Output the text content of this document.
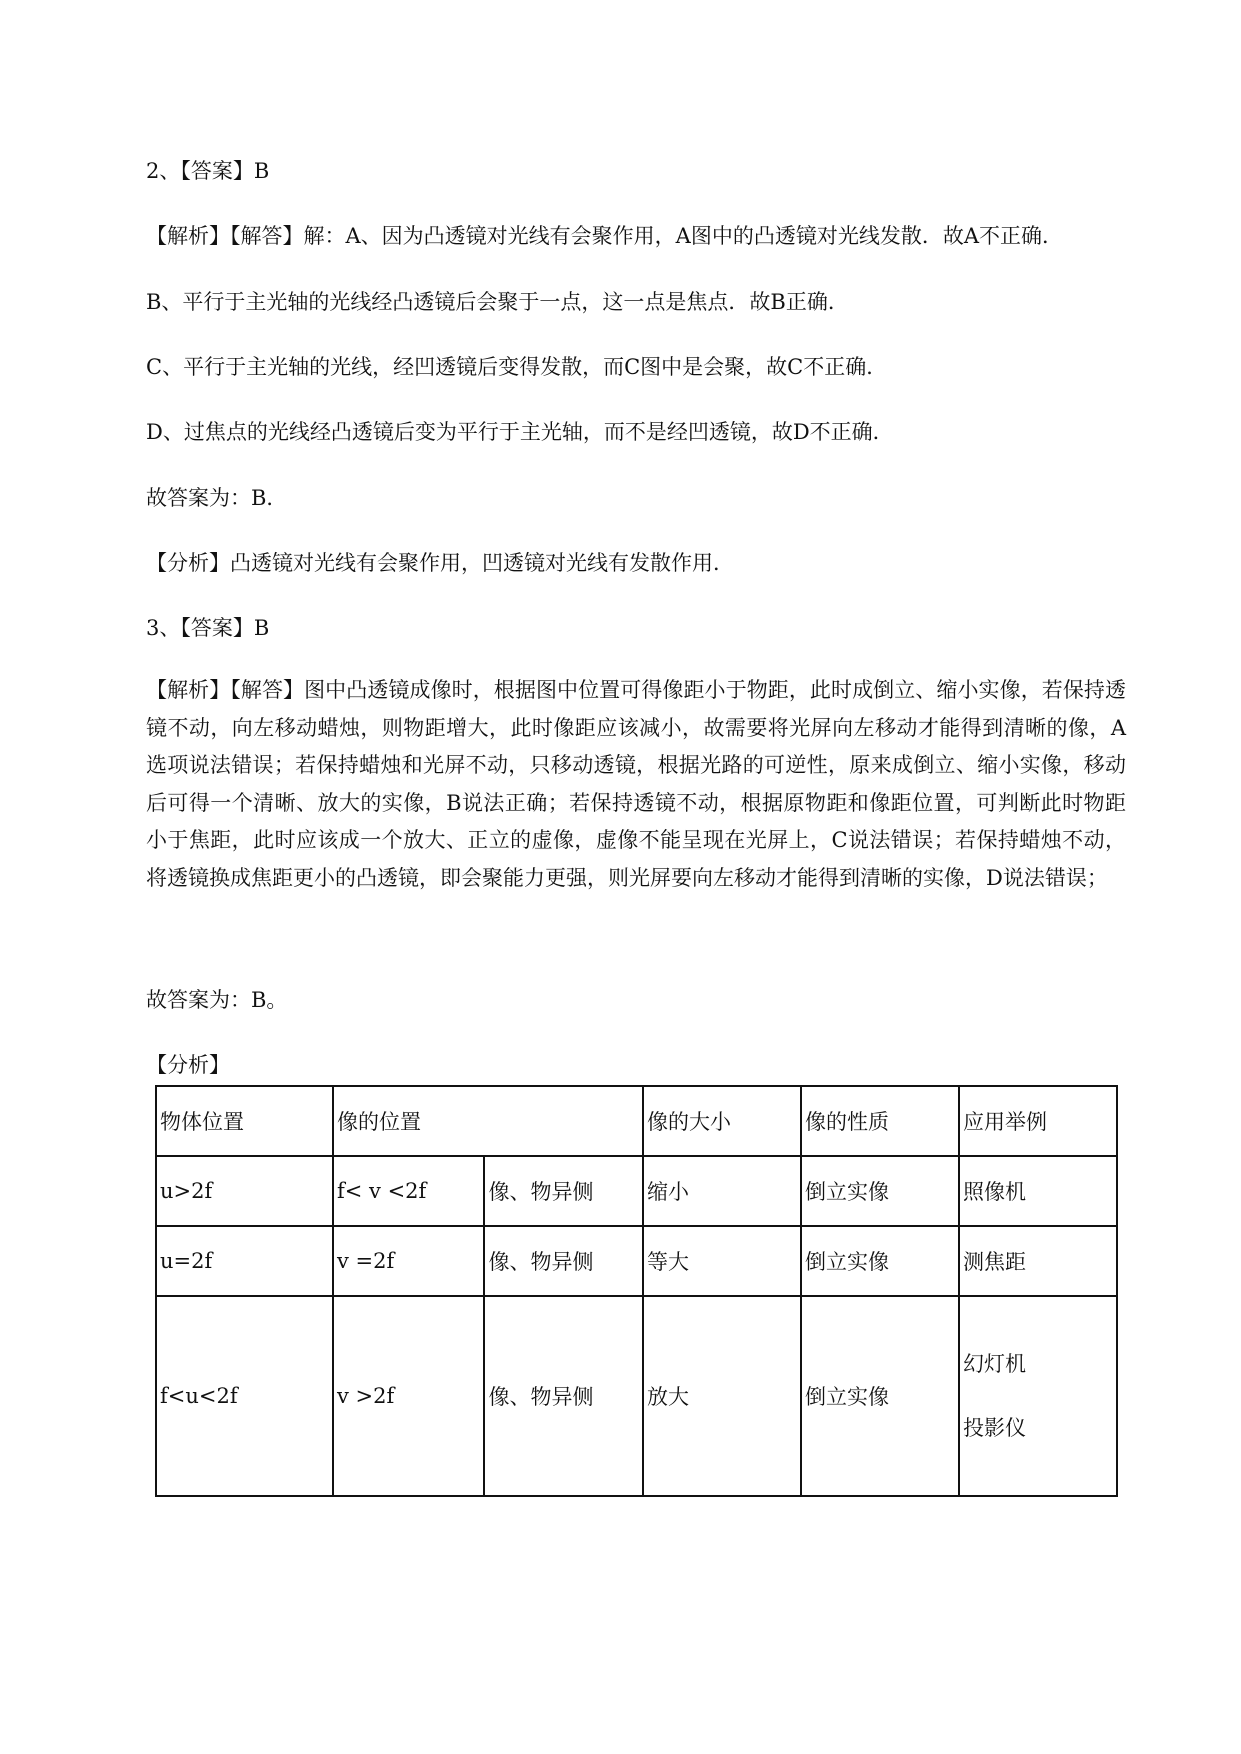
2、【答案】B

【解析】【解答】解：A、因为凸透镜对光线有会聚作用，A图中的凸透镜对光线发散．故A不正确．

B、平行于主光轴的光线经凸透镜后会聚于一点，这一点是焦点．故B正确．

C、平行于主光轴的光线，经凹透镜后变得发散，而C图中是会聚，故C不正确．

D、过焦点的光线经凸透镜后变为平行于主光轴，而不是经凹透镜，故D不正确．

故答案为：B．

【分析】凸透镜对光线有会聚作用，凹透镜对光线有发散作用．

3、【答案】B

【解析】【解答】图中凸透镜成像时，根据图中位置可得像距小于物距，此时成倒立、缩小实像，若保持透镜不动，向左移动蜡烛，则物距增大，此时像距应该减小，故需要将光屏向左移动才能得到清晰的像，A选项说法错误；若保持蜡烛和光屏不动，只移动透镜，根据光路的可逆性，原来成倒立、缩小实像，移动后可得一个清晰、放大的实像，B说法正确；若保持透镜不动，根据原物距和像距位置，可判断此时物距小于焦距，此时应该成一个放大、正立的虚像，虚像不能呈现在光屏上，C说法错误；若保持蜡烛不动，将透镜换成焦距更小的凸透镜，即会聚能力更强，则光屏要向左移动才能得到清晰的实像，D说法错误；

故答案为：B。

【分析】

物体位置	像的位置		像的大小	像的性质	应用举例
u>2f	f< v <2f	像、物异侧	缩小	倒立实像	照像机
u=2f	v =2f	像、物异侧	等大	倒立实像	测焦距
f<u<2f	v >2f	像、物异侧	放大	倒立实像	幻灯机
投影仪
